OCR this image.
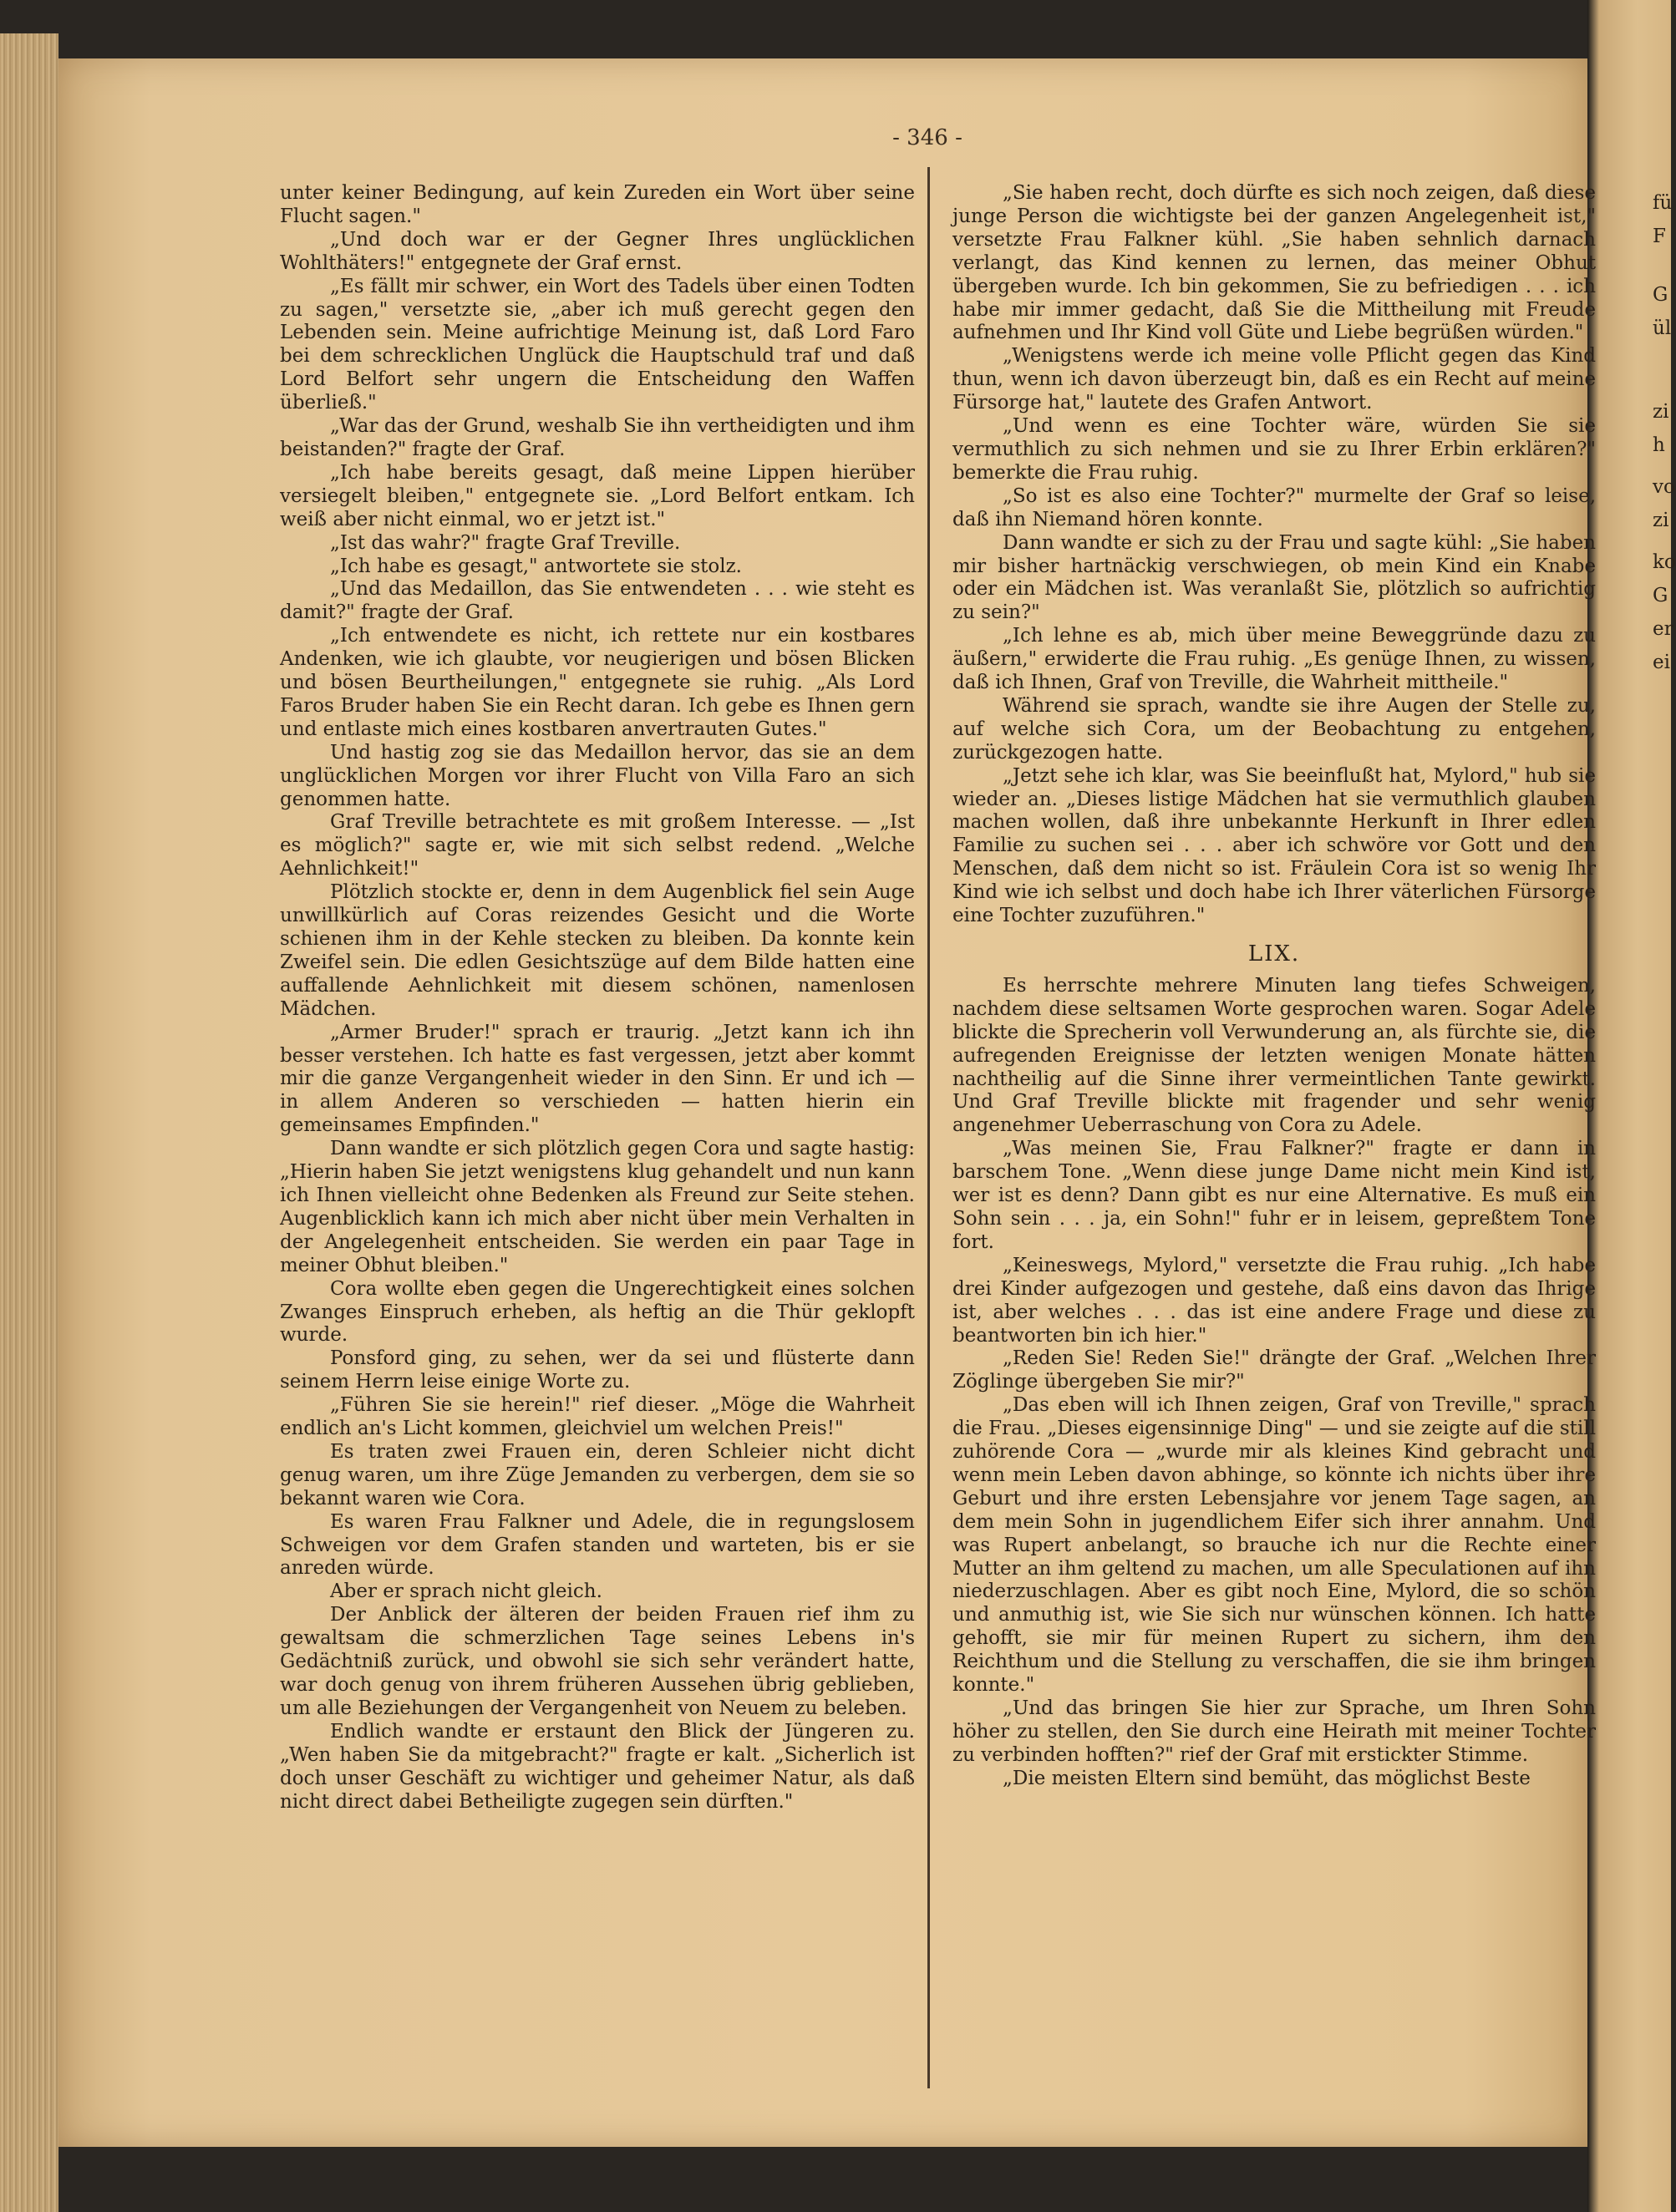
- 346 -

unter keiner Bedingung, auf kein Zureden ein Wort über seine Flucht sagen."

„Und doch war er der Gegner Ihres unglücklichen Wohlthäters!" entgegnete der Graf ernst.

„Es fällt mir schwer, ein Wort des Tadels über einen Todten zu sagen," versetzte sie, „aber ich muß gerecht gegen den Lebenden sein. Meine aufrichtige Meinung ist, daß Lord Faro bei dem schrecklichen Unglück die Hauptschuld traf und daß Lord Belfort sehr ungern die Entscheidung den Waffen überließ."

„War das der Grund, weshalb Sie ihn vertheidigten und ihm beistanden?" fragte der Graf.

„Ich habe bereits gesagt, daß meine Lippen hierüber versiegelt bleiben," entgegnete sie. „Lord Belfort entkam. Ich weiß aber nicht einmal, wo er jetzt ist."

„Ist das wahr?" fragte Graf Treville.

„Ich habe es gesagt," antwortete sie stolz.

„Und das Medaillon, das Sie entwendeten . . . wie steht es damit?" fragte der Graf.

„Ich entwendete es nicht, ich rettete nur ein kostbares Andenken, wie ich glaubte, vor neugierigen und bösen Blicken und bösen Beurtheilungen," entgegnete sie ruhig. „Als Lord Faros Bruder haben Sie ein Recht daran. Ich gebe es Ihnen gern und entlaste mich eines kostbaren anvertrauten Gutes."

Und hastig zog sie das Medaillon hervor, das sie an dem unglücklichen Morgen vor ihrer Flucht von Villa Faro an sich genommen hatte.

Graf Treville betrachtete es mit großem Interesse. — „Ist es möglich?" sagte er, wie mit sich selbst redend. „Welche Aehnlichkeit!"

Plötzlich stockte er, denn in dem Augenblick fiel sein Auge unwillkürlich auf Coras reizendes Gesicht und die Worte schienen ihm in der Kehle stecken zu bleiben. Da konnte kein Zweifel sein. Die edlen Gesichtszüge auf dem Bilde hatten eine auffallende Aehnlichkeit mit diesem schönen, namenlosen Mädchen.

„Armer Bruder!" sprach er traurig. „Jetzt kann ich ihn besser verstehen. Ich hatte es fast vergessen, jetzt aber kommt mir die ganze Vergangenheit wieder in den Sinn. Er und ich — in allem Anderen so verschieden — hatten hierin ein gemeinsames Empfinden."

Dann wandte er sich plötzlich gegen Cora und sagte hastig: „Hierin haben Sie jetzt wenigstens klug gehandelt und nun kann ich Ihnen vielleicht ohne Bedenken als Freund zur Seite stehen. Augenblicklich kann ich mich aber nicht über mein Verhalten in der Angelegenheit entscheiden. Sie werden ein paar Tage in meiner Obhut bleiben."

Cora wollte eben gegen die Ungerechtigkeit eines solchen Zwanges Einspruch erheben, als heftig an die Thür geklopft wurde.

Ponsford ging, zu sehen, wer da sei und flüsterte dann seinem Herrn leise einige Worte zu.

„Führen Sie sie herein!" rief dieser. „Möge die Wahrheit endlich an's Licht kommen, gleichviel um welchen Preis!"

Es traten zwei Frauen ein, deren Schleier nicht dicht genug waren, um ihre Züge Jemanden zu verbergen, dem sie so bekannt waren wie Cora.

Es waren Frau Falkner und Adele, die in regungslosem Schweigen vor dem Grafen standen und warteten, bis er sie anreden würde.

Aber er sprach nicht gleich.

Der Anblick der älteren der beiden Frauen rief ihm zu gewaltsam die schmerzlichen Tage seines Lebens in's Gedächtniß zurück, und obwohl sie sich sehr verändert hatte, war doch genug von ihrem früheren Aussehen übrig geblieben, um alle Beziehungen der Vergangenheit von Neuem zu beleben.

Endlich wandte er erstaunt den Blick der Jüngeren zu. „Wen haben Sie da mitgebracht?" fragte er kalt. „Sicherlich ist doch unser Geschäft zu wichtiger und geheimer Natur, als daß nicht direct dabei Betheiligte zugegen sein dürften."

„Sie haben recht, doch dürfte es sich noch zeigen, daß diese junge Person die wichtigste bei der ganzen Angelegenheit ist," versetzte Frau Falkner kühl. „Sie haben sehnlich darnach verlangt, das Kind kennen zu lernen, das meiner Obhut übergeben wurde. Ich bin gekommen, Sie zu befriedigen . . . ich habe mir immer gedacht, daß Sie die Mittheilung mit Freude aufnehmen und Ihr Kind voll Güte und Liebe begrüßen würden."

„Wenigstens werde ich meine volle Pflicht gegen das Kind thun, wenn ich davon überzeugt bin, daß es ein Recht auf meine Fürsorge hat," lautete des Grafen Antwort.

„Und wenn es eine Tochter wäre, würden Sie sie vermuthlich zu sich nehmen und sie zu Ihrer Erbin erklären?" bemerkte die Frau ruhig.

„So ist es also eine Tochter?" murmelte der Graf so leise, daß ihn Niemand hören konnte.

Dann wandte er sich zu der Frau und sagte kühl: „Sie haben mir bisher hartnäckig verschwiegen, ob mein Kind ein Knabe oder ein Mädchen ist. Was veranlaßt Sie, plötzlich so aufrichtig zu sein?"

„Ich lehne es ab, mich über meine Beweggründe dazu zu äußern," erwiderte die Frau ruhig. „Es genüge Ihnen, zu wissen, daß ich Ihnen, Graf von Treville, die Wahrheit mittheile."

Während sie sprach, wandte sie ihre Augen der Stelle zu, auf welche sich Cora, um der Beobachtung zu entgehen, zurückgezogen hatte.

„Jetzt sehe ich klar, was Sie beeinflußt hat, Mylord," hub sie wieder an. „Dieses listige Mädchen hat sie vermuthlich glauben machen wollen, daß ihre unbekannte Herkunft in Ihrer edlen Familie zu suchen sei . . . aber ich schwöre vor Gott und den Menschen, daß dem nicht so ist. Fräulein Cora ist so wenig Ihr Kind wie ich selbst und doch habe ich Ihrer väterlichen Fürsorge eine Tochter zuzuführen."

LIX.

Es herrschte mehrere Minuten lang tiefes Schweigen, nachdem diese seltsamen Worte gesprochen waren. Sogar Adele blickte die Sprecherin voll Verwunderung an, als fürchte sie, die aufregenden Ereignisse der letzten wenigen Monate hätten nachtheilig auf die Sinne ihrer vermeintlichen Tante gewirkt. Und Graf Treville blickte mit fragender und sehr wenig angenehmer Ueberraschung von Cora zu Adele.

„Was meinen Sie, Frau Falkner?" fragte er dann in barschem Tone. „Wenn diese junge Dame nicht mein Kind ist, wer ist es denn? Dann gibt es nur eine Alternative. Es muß ein Sohn sein . . . ja, ein Sohn!" fuhr er in leisem, gepreßtem Tone fort.

„Keineswegs, Mylord," versetzte die Frau ruhig. „Ich habe drei Kinder aufgezogen und gestehe, daß eins davon das Ihrige ist, aber welches . . . das ist eine andere Frage und diese zu beantworten bin ich hier."

„Reden Sie! Reden Sie!" drängte der Graf. „Welchen Ihrer Zöglinge übergeben Sie mir?"

„Das eben will ich Ihnen zeigen, Graf von Treville," sprach die Frau. „Dieses eigensinnige Ding" — und sie zeigte auf die still zuhörende Cora — „wurde mir als kleines Kind gebracht und wenn mein Leben davon abhinge, so könnte ich nichts über ihre Geburt und ihre ersten Lebensjahre vor jenem Tage sagen, an dem mein Sohn in jugendlichem Eifer sich ihrer annahm. Und was Rupert anbelangt, so brauche ich nur die Rechte einer Mutter an ihm geltend zu machen, um alle Speculationen auf ihn niederzuschlagen. Aber es gibt noch Eine, Mylord, die so schön und anmuthig ist, wie Sie sich nur wünschen können. Ich hatte gehofft, sie mir für meinen Rupert zu sichern, ihm den Reichthum und die Stellung zu verschaffen, die sie ihm bringen konnte."

„Und das bringen Sie hier zur Sprache, um Ihren Sohn höher zu stellen, den Sie durch eine Heirath mit meiner Tochter zu verbinden hofften?" rief der Graf mit erstickter Stimme.

„Die meisten Eltern sind bemüht, das möglichst Beste

fü
F
G
ül
zi
h
vo
zi
ko
G
er
ei
